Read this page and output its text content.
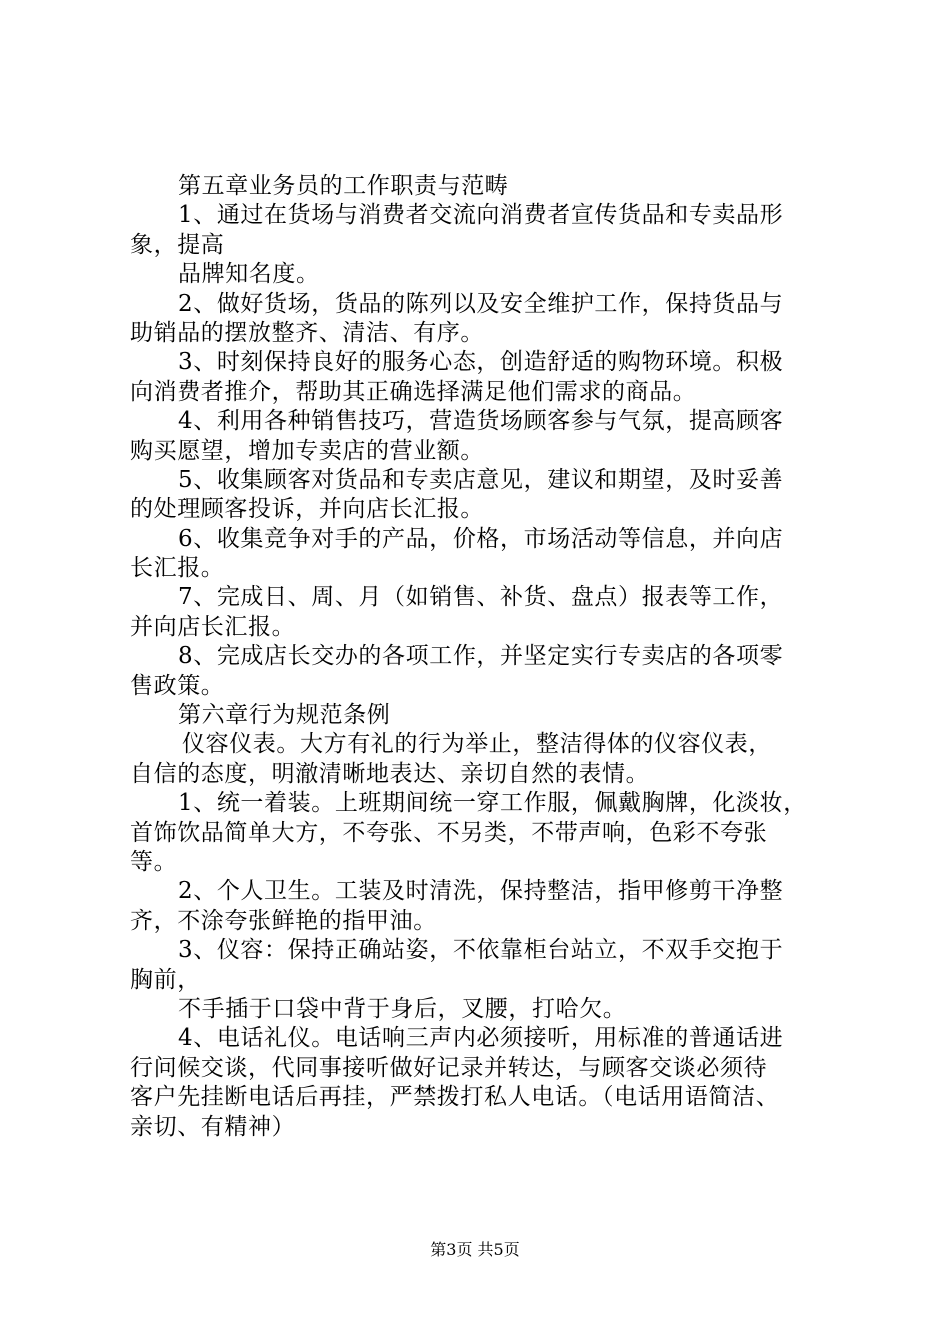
第五章业务员的工作职责与范畴
1、通过在货场与消费者交流向消费者宣传货品和专卖品形
象，提高
品牌知名度。
2、做好货场，货品的陈列以及安全维护工作，保持货品与
助销品的摆放整齐、清洁、有序。
3、时刻保持良好的服务心态，创造舒适的购物环境。积极
向消费者推介，帮助其正确选择满足他们需求的商品。
4、利用各种销售技巧，营造货场顾客参与气氛，提高顾客
购买愿望，增加专卖店的营业额。
5、收集顾客对货品和专卖店意见，建议和期望，及时妥善
的处理顾客投诉，并向店长汇报。
6、收集竞争对手的产品，价格，市场活动等信息，并向店
长汇报。
7、完成日、周、月（如销售、补货、盘点）报表等工作，
并向店长汇报。
8、完成店长交办的各项工作，并坚定实行专卖店的各项零
售政策。
第六章行为规范条例
仪容仪表。大方有礼的行为举止，整洁得体的仪容仪表，
自信的态度，明澈清晰地表达、亲切自然的表情。
1、统一着装。上班期间统一穿工作服，佩戴胸牌，化淡妆，
首饰饮品简单大方，不夸张、不另类，不带声响，色彩不夸张
等。
2、个人卫生。工装及时清洗，保持整洁，指甲修剪干净整
齐，不涂夸张鲜艳的指甲油。
3、仪容：保持正确站姿，不依靠柜台站立，不双手交抱于
胸前，
不手插于口袋中背于身后，叉腰，打哈欠。
4、电话礼仪。电话响三声内必须接听，用标准的普通话进
行问候交谈，代同事接听做好记录并转达，与顾客交谈必须待
客户先挂断电话后再挂，严禁拨打私人电话。（电话用语简洁、
亲切、有精神）
第3页 共5页
